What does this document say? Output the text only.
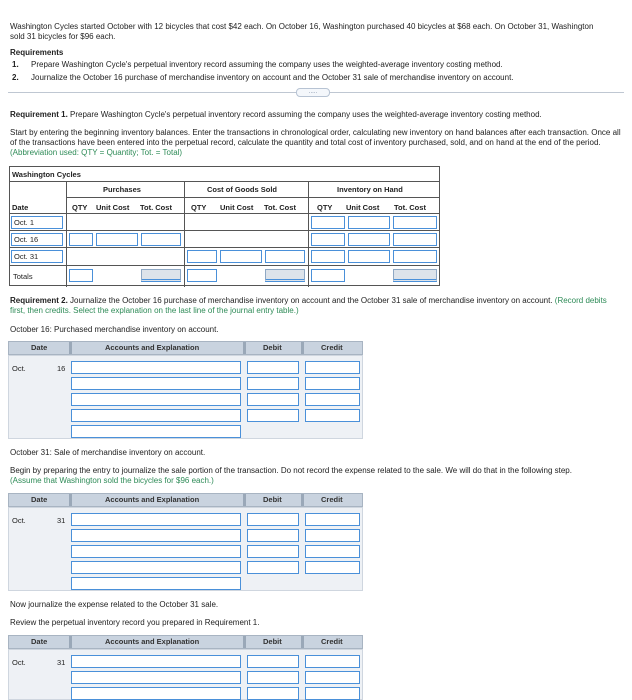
Washington Cycles started October with 12 bicycles that cost $42 each. On October 16, Washington purchased 40 bicycles at $68 each. On October 31, Washington sold 31 bicycles for $96 each.
Requirements
1. Prepare Washington Cycle's perpetual inventory record assuming the company uses the weighted-average inventory costing method.
2. Journalize the October 16 purchase of merchandise inventory on account and the October 31 sale of merchandise inventory on account.
.....
Requirement 1. Prepare Washington Cycle's perpetual inventory record assuming the company uses the weighted-average inventory costing method.
Start by entering the beginning inventory balances. Enter the transactions in chronological order, calculating new inventory on hand balances after each transaction. Once all of the transactions have been entered into the perpetual record, calculate the quantity and total cost of inventory purchased, sold, and on hand at the end of the period. (Abbreviation used: QTY = Quantity; Tot. = Total)
Washington Cycles
Purchases	Cost of Goods Sold	Inventory on Hand
Date	QTY Unit Cost Tot. Cost	QTY Unit Cost Tot. Cost	QTY Unit Cost Tot. Cost
Oct. 1
Oct. 16
Oct. 31
Totals
Requirement 2. Journalize the October 16 purchase of merchandise inventory on account and the October 31 sale of merchandise inventory on account. (Record debits first, then credits. Select the explanation on the last line of the journal entry table.)
October 16: Purchased merchandise inventory on account.
Date	Accounts and Explanation	Debit	Credit
Oct.	16
October 31: Sale of merchandise inventory on account.
Begin by preparing the entry to journalize the sale portion of the transaction. Do not record the expense related to the sale. We will do that in the following step.
(Assume that Washington sold the bicycles for $96 each.)
Date	Accounts and Explanation	Debit	Credit
Oct.	31
Now journalize the expense related to the October 31 sale.
Review the perpetual inventory record you prepared in Requirement 1.
Date	Accounts and Explanation	Debit	Credit
Oct.	31
